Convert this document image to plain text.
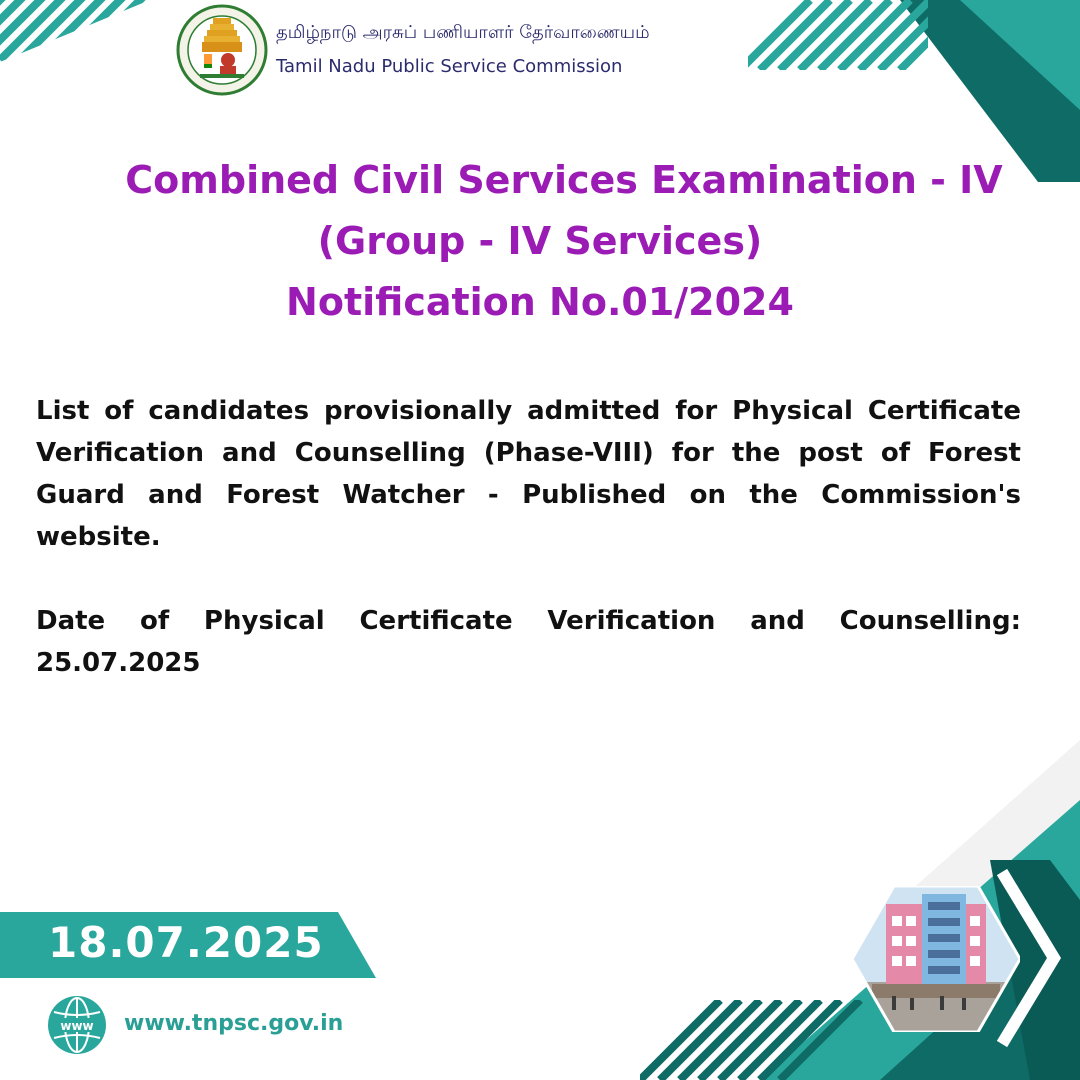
தமிழ்நாடு அரசுப் பணியாளர் தேர்வாணையம்
Tamil Nadu Public Service Commission
Combined Civil Services Examination - IV
(Group - IV Services)
Notification No.01/2024

List of candidates provisionally admitted for Physical Certificate Verification and Counselling (Phase-VIII) for the post of Forest Guard and Forest Watcher - Published on the Commission's website.

Date of Physical Certificate Verification and Counselling: 25.07.2025

18.07.2025
www www.tnpsc.gov.in
